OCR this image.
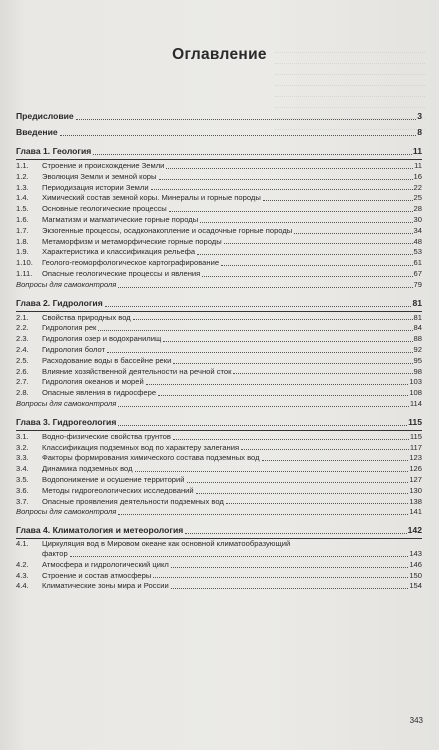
Оглавление
Предисловие	3
Введение	8
Глава 1. Геология	11
1.1.	Строение и происхождение Земли	11
1.2.	Эволюция Земли и земной коры	16
1.3.	Периодизация истории Земли	22
1.4.	Химический состав земной коры. Минералы и горные породы	25
1.5.	Основные геологические процессы	28
1.6.	Магматизм и магматические горные породы	30
1.7.	Экзогенные процессы, осадконакопление и осадочные горные породы	34
1.8.	Метаморфизм и метаморфические горные породы	48
1.9.	Характеристика и классификация рельефа	53
1.10.	Геолого-геоморфологическое картографирование	61
1.11.	Опасные геологические процессы и явления	67
Вопросы для самоконтроля	79
Глава 2. Гидрология	81
2.1.	Свойства природных вод	81
2.2.	Гидрология рек	84
2.3.	Гидрология озер и водохранилищ	88
2.4.	Гидрология болот	92
2.5.	Расходование воды в бассейне реки	95
2.6.	Влияние хозяйственной деятельности на речной сток	98
2.7.	Гидрология океанов и морей	103
2.8.	Опасные явления в гидросфере	108
Вопросы для самоконтроля	114
Глава 3. Гидрогеология	115
3.1.	Водно-физические свойства грунтов	115
3.2.	Классификация подземных вод по характеру залегания	117
3.3.	Факторы формирования химического состава подземных вод	123
3.4.	Динамика подземных вод	126
3.5.	Водопонижение и осушение территорий	127
3.6.	Методы гидрогеологических исследований	130
3.7.	Опасные проявления деятельности подземных вод	138
Вопросы для самоконтроля	141
Глава 4. Климатология и метеорология	142
4.1.	Циркуляция вод в Мировом океане как основной климатообразующий
фактор	143
4.2.	Атмосфера и гидрологический цикл	146
4.3.	Строение и состав атмосферы	150
4.4.	Климатические зоны мира и России	154
343
